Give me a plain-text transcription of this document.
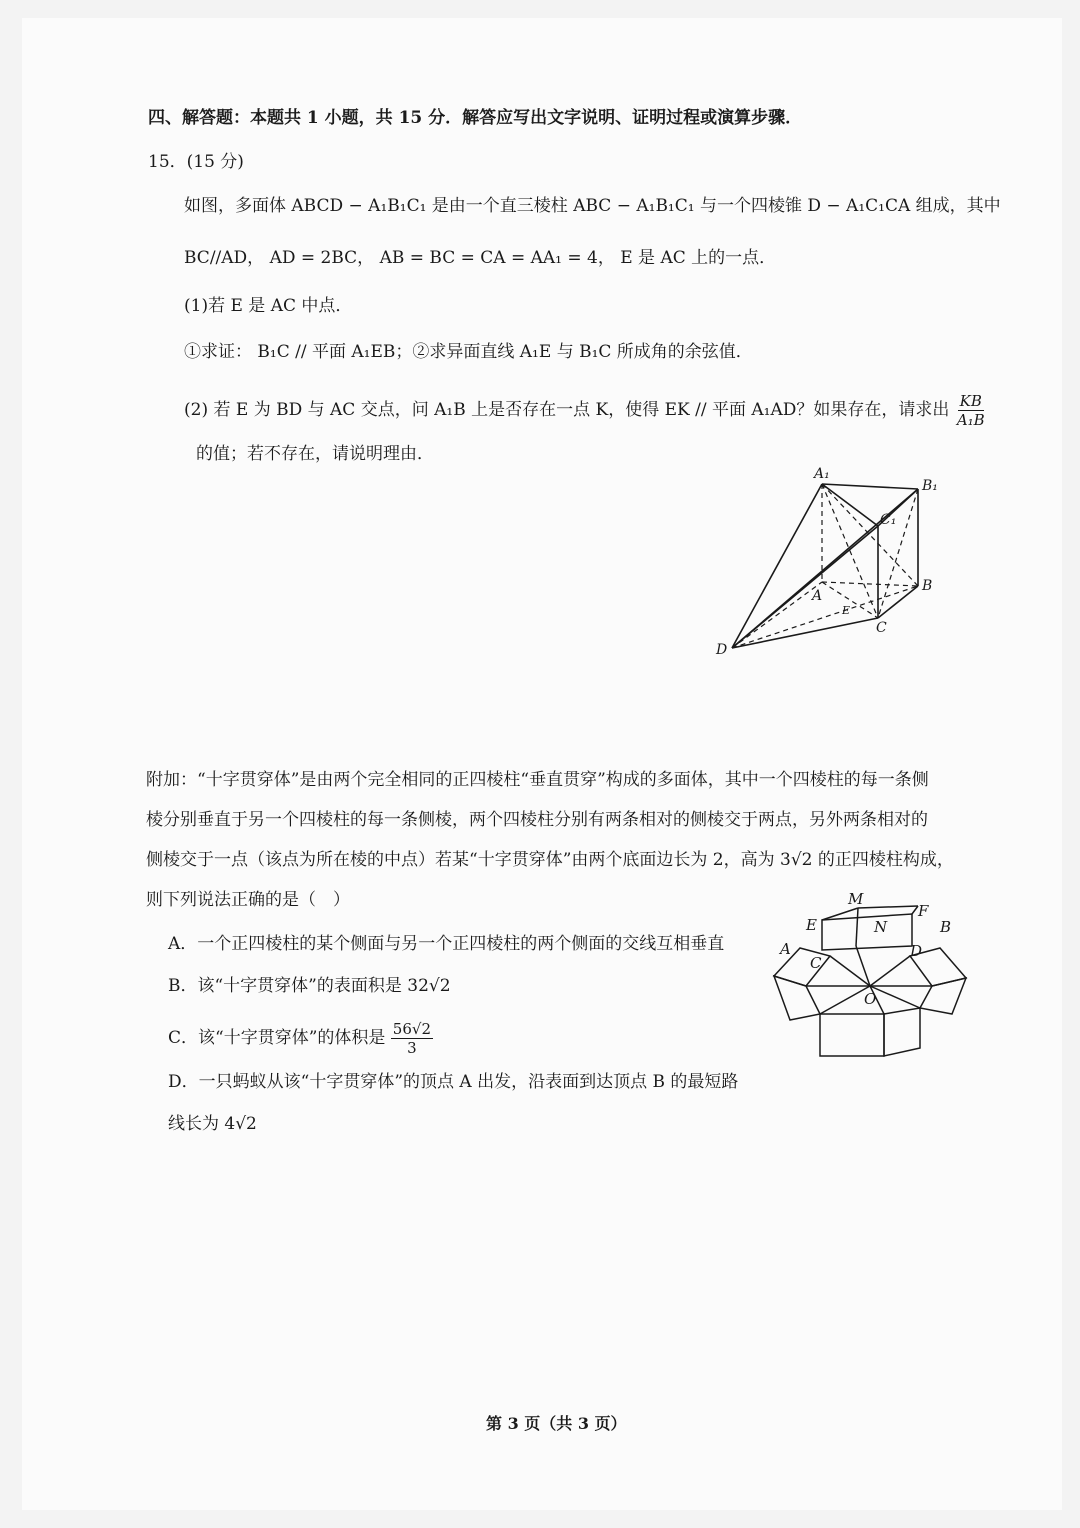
四、解答题：本题共 1 小题，共 15 分．解答应写出文字说明、证明过程或演算步骤．
15．(15 分)
如图，多面体 ABCD − A₁B₁C₁ 是由一个直三棱柱 ABC − A₁B₁C₁ 与一个四棱锥 D − A₁C₁CA 组成，其中
BC//AD， AD = 2BC， AB = BC = CA = AA₁ = 4， E 是 AC 上的一点．
(1)若 E 是 AC 中点．
①求证： B₁C // 平面 A₁EB；②求异面直线 A₁E 与 B₁C 所成角的余弦值．
(2) 若 E 为 BD 与 AC 交点，问 A₁B 上是否存在一点 K，使得 EK // 平面 A₁AD？如果存在，请求出 $\frac{KB}{\text{A₁B}}$
的值；若不存在，请说明理由．
A₁
B₁
C₁
A
B
C
D
E
附加：“十字贯穿体”是由两个完全相同的正四棱柱“垂直贯穿”构成的多面体，其中一个四棱柱的每一条侧
棱分别垂直于另一个四棱柱的每一条侧棱，两个四棱柱分别有两条相对的侧棱交于两点，另外两条相对的
侧棱交于一点（该点为所在棱的中点）若某“十字贯穿体”由两个底面边长为 2，高为 3√2 的正四棱柱构成，
则下列说法正确的是（　）
A．一个正四棱柱的某个侧面与另一个正四棱柱的两个侧面的交线互相垂直
B．该“十字贯穿体”的表面积是 32√2
C．该“十字贯穿体”的体积是 $\frac{56√2}{3}$
D．一只蚂蚁从该“十字贯穿体”的顶点 A 出发，沿表面到达顶点 B 的最短路
线长为 4√2
M
E	N
F
B
A
C
D
O
第 3 页（共 3 页）
